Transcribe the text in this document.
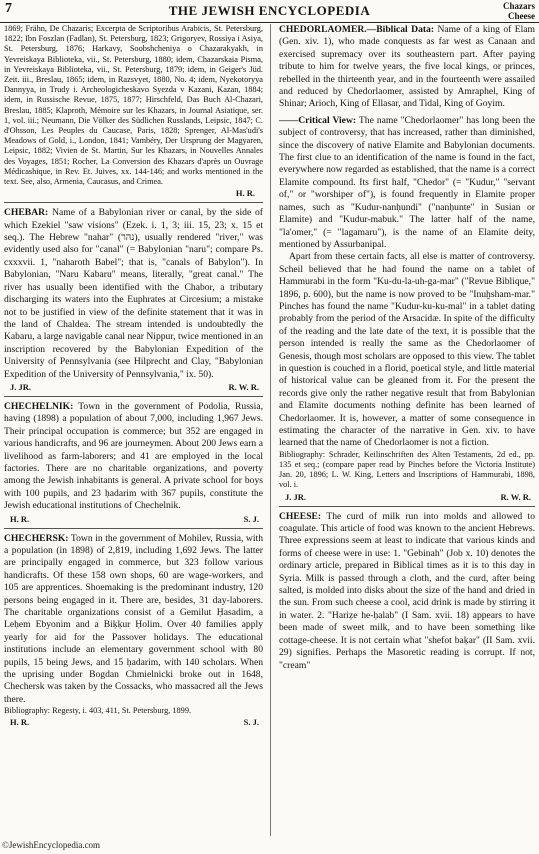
7	THE JEWISH ENCYCLOPEDIA	Chazars
Cheese

1869; Frähn, De Chazaris; Excerpta de Scriptoribus Arabicis, St. Petersburg, 1822; Ibn Foszlan (Fadlan), St. Petersburg, 1823; Grigoryev, Rossiya i Asiya, St. Petersburg, 1876; Harkavy, Soobshcheniya o Chazarakyakh, in Yevreiskaya Biblioteka, vii., St. Petersburg, 1880; idem, Chazarskaia Pisma, in Yevreiskaya Biblioteka, vii., St. Petersburg, 1879; idem, in Geiger's Jüd. Zeit. iii., Breslau, 1865; idem, in Razsvyet, 1880, No. 4; idem, Nyekotoryya Dannyya, in Trudy i. Archeologicheskavo Syezda v Kazani, Kazan, 1884; idem, in Russische Revue, 1875, 1877; Hirschfeld, Das Buch Al-Chazari, Breslau, 1885; Klaproth, Mémoire sur les Khazars, in Journal Asiatique, ser. 1, vol. iii.; Neumann, Die Völker des Südlichen Russlands, Leipsic, 1847; C. d'Ohsson, Les Peuples du Caucase, Paris, 1828; Sprenger, Al-Mas'udi's Meadows of Gold, i., London, 1841; Vambéry, Der Ursprung der Magyaren, Leipsic, 1882; Vivien de St. Martin, Sur les Khazars, in Nouvelles Annales des Voyages, 1851; Rocher, La Conversion des Khazars d'après un Ouvrage Médicashique, in Rev. Et. Juives, xx. 144-146; and works mentioned in the text. See, also, Armenia, Caucasus, and Crimea.

H. R.

CHEBAR: Name of a Babylonian river or canal, by the side of which Ezekiel "saw visions" (Ezek. i. 1, 3; iii. 15, 23; x. 15 et seq.). The Hebrew "nahar" (נהר), usually rendered "river," was evidently used also for "canal" (= Babylonian "naru"; compare Ps. cxxxvii. 1, "naharoth Babel"; that is, "canals of Babylon"). In Babylonian, "Naru Kabaru" means, literally, "great canal." The river has usually been identified with the Chabor, a tributary discharging its waters into the Euphrates at Circesium; a mistake not to be justified in view of the definite statement that it was in the land of Chaldea. The stream intended is undoubtedly the Kabaru, a large navigable canal near Nippur, twice mentioned in an inscription recovered by the Babylonian Expedition of the University of Pennsylvania (see Hilprecht and Clay, "Babylonian Expedition of the University of Pennsylvania," ix. 50).

J. JR.	R. W. R.

CHECHELNIK: Town in the government of Podolia, Russia, having (1898) a population of about 7,000, including 1,967 Jews. Their principal occupation is commerce; but 352 are engaged in various handicrafts, and 96 are journeymen. About 200 Jews earn a livelihood as farm-laborers; and 41 are employed in the local factories. There are no charitable organizations, and poverty among the Jewish inhabitants is general. A private school for boys with 100 pupils, and 23 ḥadarim with 367 pupils, constitute the Jewish educational institutions of Chechelnik.

H. R.	S. J.

CHECHERSK: Town in the government of Mohilev, Russia, with a population (in 1898) of 2,819, including 1,692 Jews. The latter are principally engaged in commerce, but 323 follow various handicrafts. Of these 158 own shops, 60 are wage-workers, and 105 are apprentices. Shoemaking is the predominant industry, 120 persons being engaged in it. There are, besides, 31 day-laborers. The charitable organizations consist of a Gemilut Ḥasadim, a Leḥem Ebyonim and a Biḳḳur Ḥolim. Over 40 families apply yearly for aid for the Passover holidays. The educational institutions include an elementary government school with 80 pupils, 15 being Jews, and 15 ḥadarim, with 140 scholars. When the uprising under Bogdan Chmielnicki broke out in 1648, Chechersk was taken by the Cossacks, who massacred all the Jews there.

Bibliography: Regesty, i. 403, 411, St. Petersburg, 1899.

H. R.	S. J.

CHEDORLAOMER.—Biblical Data: Name of a king of Elam (Gen. xiv. 1), who made conquests as far west as Canaan and exercised supremacy over its southeastern part. After paying tribute to him for twelve years, the five local kings, or princes, rebelled in the thirteenth year, and in the fourteenth were assailed and reduced by Chedorlaomer, assisted by Amraphel, King of Shinar; Arioch, King of Ellasar, and Tidal, King of Goyim.

——Critical View: The name "Chedorlaomer" has long been the subject of controversy, that has increased, rather than diminished, since the discovery of native Elamite and Babylonian documents. The first clue to an identification of the name is found in the fact, everywhere now regarded as established, that the name is a correct Elamite compound. Its first half, "Chedor" (= "Kudur," "servant of," or "worshiper of"), is found frequently in Elamite proper names, such as "Kudur-nanḥundi" ("nanḥunte" in Susian or Elamite) and "Kudur-mabuk." The latter half of the name, "la'omer," (= "lagamaru"), is the name of an Elamite deity, mentioned by Assurbanipal.

Apart from these certain facts, all else is matter of controversy. Scheil believed that he had found the name on a tablet of Hammurabi in the form "Ku-du-la-uh-ga-mar" ("Revue Biblique," 1896, p. 600), but the name is now proved to be "Inuḫsham-mar." Pinches has found the name "Kudur-ku-ku-mal" in a tablet dating probably from the period of the Arsacidæ. In spite of the difficulty of the reading and the late date of the text, it is possible that the person intended is really the same as the Chedorlaomer of Genesis, though most scholars are opposed to this view. The tablet in question is couched in a florid, poetical style, and little material of historical value can be gleaned from it. For the present the records give only the rather negative result that from Babylonian and Elamite documents nothing definite has been learned of Chedorlaomer. It is, however, a matter of some consequence in estimating the character of the narrative in Gen. xiv. to have learned that the name of Chedorlaomer is not a fiction.

Bibliography: Schrader, Keilinschriften des Alten Testaments, 2d ed., pp. 135 et seq.; (compare paper read by Pinches before the Victoria Institute) Jan. 20, 1896; L. W. King, Letters and Inscriptions of Hammurabi, 1898, vol. i.

J. JR.	R. W. R.

CHEESE: The curd of milk run into molds and allowed to coagulate. This article of food was known to the ancient Hebrews. Three expressions seem at least to indicate that various kinds and forms of cheese were in use: 1. "Gebinah" (Job x. 10) denotes the ordinary article, prepared in Biblical times as it is to this day in Syria. Milk is passed through a cloth, and the curd, after being salted, is molded into disks about the size of the hand and dried in the sun. From such cheese a cool, acid drink is made by stirring it in water. 2. "Hariẓe he-ḥalab" (I Sam. xvii. 18) appears to have been made of sweet milk, and to have been something like cottage-cheese. It is not certain what "shefot baḳar" (II Sam. xvii. 29) signifies. Perhaps the Masoretic reading is corrupt. If not, "cream"

©JewishEncyclopedia.com
